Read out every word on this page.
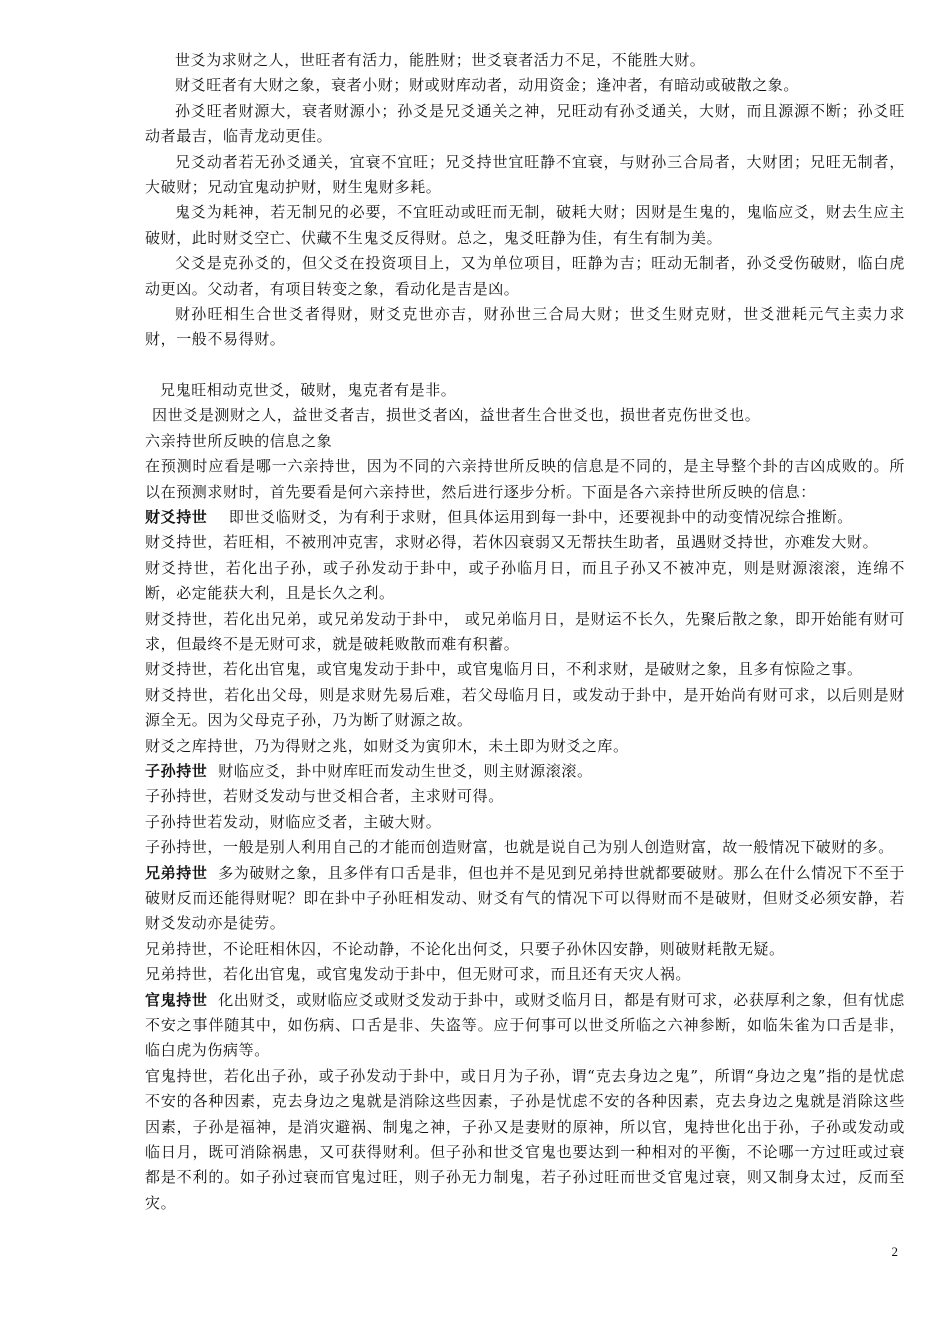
世爻为求财之人，世旺者有活力，能胜财；世爻衰者活力不足，不能胜大财。

财爻旺者有大财之象，衰者小财；财或财库动者，动用资金；逢冲者，有暗动或破散之象。

孙爻旺者财源大，衰者财源小；孙爻是兄爻通关之神，兄旺动有孙爻通关，大财，而且源源不断；孙爻旺动者最吉，临青龙动更佳。

兄爻动者若无孙爻通关，宜衰不宜旺；兄爻持世宜旺静不宜衰，与财孙三合局者，大财团；兄旺无制者，大破财；兄动宜鬼动护财，财生鬼财多耗。

鬼爻为耗神，若无制兄的必要，不宜旺动或旺而无制，破耗大财；因财是生鬼的，鬼临应爻，财去生应主破财，此时财爻空亡、伏藏不生鬼爻反得财。总之，鬼爻旺静为佳，有生有制为美。

父爻是克孙爻的，但父爻在投资项目上，又为单位项目，旺静为吉；旺动无制者，孙爻受伤破财，临白虎动更凶。父动者，有项目转变之象，看动化是吉是凶。

财孙旺相生合世爻者得财，财爻克世亦吉，财孙世三合局大财；世爻生财克财，世爻泄耗元气主卖力求财，一般不易得财。

兄鬼旺相动克世爻，破财，鬼克者有是非。

因世爻是测财之人，益世爻者吉，损世爻者凶，益世者生合世爻也，损世者克伤世爻也。

六亲持世所反映的信息之象

在预测时应看是哪一六亲持世，因为不同的六亲持世所反映的信息是不同的，是主导整个卦的吉凶成败的。所以在预测求财时，首先要看是何六亲持世，然后进行逐步分析。下面是各六亲持世所反映的信息：

财爻持世 即世爻临财爻，为有利于求财，但具体运用到每一卦中，还要视卦中的动变情况综合推断。

财爻持世，若旺相，不被刑冲克害，求财必得，若休囚衰弱又无帮扶生助者，虽遇财爻持世，亦难发大财。

财爻持世，若化出子孙，或子孙发动于卦中，或子孙临月日，而且子孙又不被冲克，则是财源滚滚，连绵不断，必定能获大利，且是长久之利。

财爻持世，若化出兄弟，或兄弟发动于卦中， 或兄弟临月日，是财运不长久，先聚后散之象，即开始能有财可求，但最终不是无财可求，就是破耗败散而难有积蓄。

财爻持世，若化出官鬼，或官鬼发动于卦中，或官鬼临月日，不利求财，是破财之象，且多有惊险之事。

财爻持世，若化出父母，则是求财先易后难，若父母临月日，或发动于卦中，是开始尚有财可求，以后则是财源全无。因为父母克子孙，乃为断了财源之故。

财爻之库持世，乃为得财之兆，如财爻为寅卯木，未土即为财爻之库。

子孙持世 财临应爻，卦中财库旺而发动生世爻，则主财源滚滚。

子孙持世，若财爻发动与世爻相合者，主求财可得。

子孙持世若发动，财临应爻者，主破大财。

子孙持世，一般是别人利用自己的才能而创造财富，也就是说自己为别人创造财富，故一般情况下破财的多。

兄弟持世 多为破财之象，且多伴有口舌是非，但也并不是见到兄弟持世就都要破财。那么在什么情况下不至于破财反而还能得财呢？即在卦中子孙旺相发动、财爻有气的情况下可以得财而不是破财，但财爻必须安静，若财爻发动亦是徒劳。

兄弟持世，不论旺相休囚，不论动静，不论化出何爻，只要子孙休囚安静，则破财耗散无疑。

兄弟持世，若化出官鬼，或官鬼发动于卦中，但无财可求，而且还有天灾人祸。

官鬼持世 化出财爻，或财临应爻或财爻发动于卦中，或财爻临月日，都是有财可求，必获厚利之象，但有忧虑不安之事伴随其中，如伤病、口舌是非、失盗等。应于何事可以世爻所临之六神参断，如临朱雀为口舌是非，临白虎为伤病等。

官鬼持世，若化出子孙，或子孙发动于卦中，或日月为子孙，谓“克去身边之鬼”，所谓“身边之鬼”指的是忧虑不安的各种因素，克去身边之鬼就是消除这些因素，子孙是忧虑不安的各种因素，克去身边之鬼就是消除这些因素，子孙是福神，是消灾避祸、制鬼之神，子孙又是妻财的原神，所以官，鬼持世化出于孙，子孙或发动或临日月，既可消除祸患，又可获得财利。但子孙和世爻官鬼也要达到一种相对的平衡，不论哪一方过旺或过衰都是不利的。如子孙过衰而官鬼过旺，则子孙无力制鬼，若子孙过旺而世爻官鬼过衰，则又制身太过，反而至灾。

2
